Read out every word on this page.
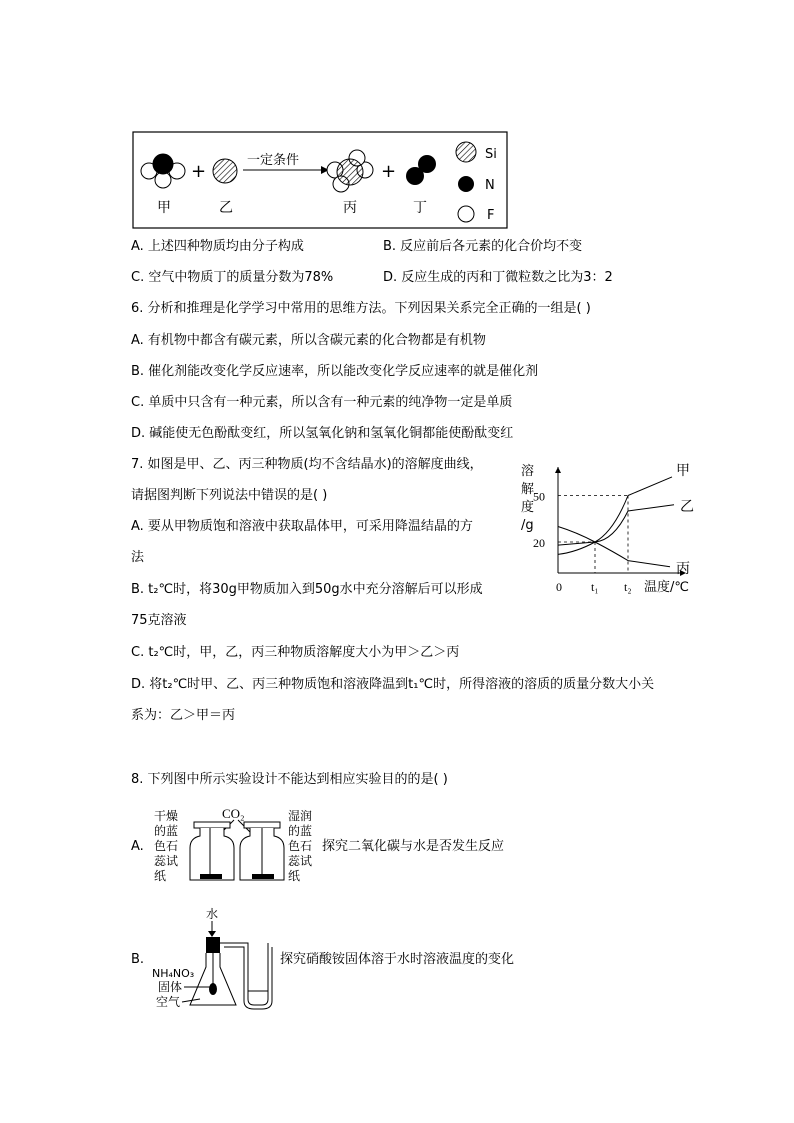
+
一定条件
+
甲	乙	丙	丁
Si
N
F
A. 上述四种物质均由分子构成	B. 反应前后各元素的化合价均不变
C. 空气中物质丁的质量分数为78%	D. 反应生成的丙和丁微粒数之比为3：2
6. 分析和推理是化学学习中常用的思维方法。下列因果关系完全正确的一组是( )
A. 有机物中都含有碳元素，所以含碳元素的化合物都是有机物
B. 催化剂能改变化学反应速率，所以能改变化学反应速率的就是催化剂
C. 单质中只含有一种元素，所以含有一种元素的纯净物一定是单质
D. 碱能使无色酚酞变红，所以氢氧化钠和氢氧化铜都能使酚酞变红
7. 如图是甲、乙、丙三种物质(均不含结晶水)的溶解度曲线，
请据图判断下列说法中错误的是( )
A. 要从甲物质饱和溶液中获取晶体甲，可采用降温结晶的方
法
B. t₂℃时，将30g甲物质加入到50g水中充分溶解后可以形成
75克溶液
C. t₂℃时，甲，乙，丙三种物质溶解度大小为甲＞乙＞丙
D. 将t₂℃时甲、乙、丙三种物质饱和溶液降温到t₁℃时，所得溶液的溶质的质量分数大小关
系为：乙＞甲＝丙
溶
解
度
/g
50
20
0 t₁ t₂ 温度/℃
甲
乙
丙
8. 下列图中所示实验设计不能达到相应实验目的的是( )
A.
干燥
的蓝
色石
蕊试
纸
湿润
的蓝
色石
蕊试
纸
CO₂
探究二氧化碳与水是否发生反应
B.
水
NH₄NO₃
固体
空气
探究硝酸铵固体溶于水时溶液温度的变化
